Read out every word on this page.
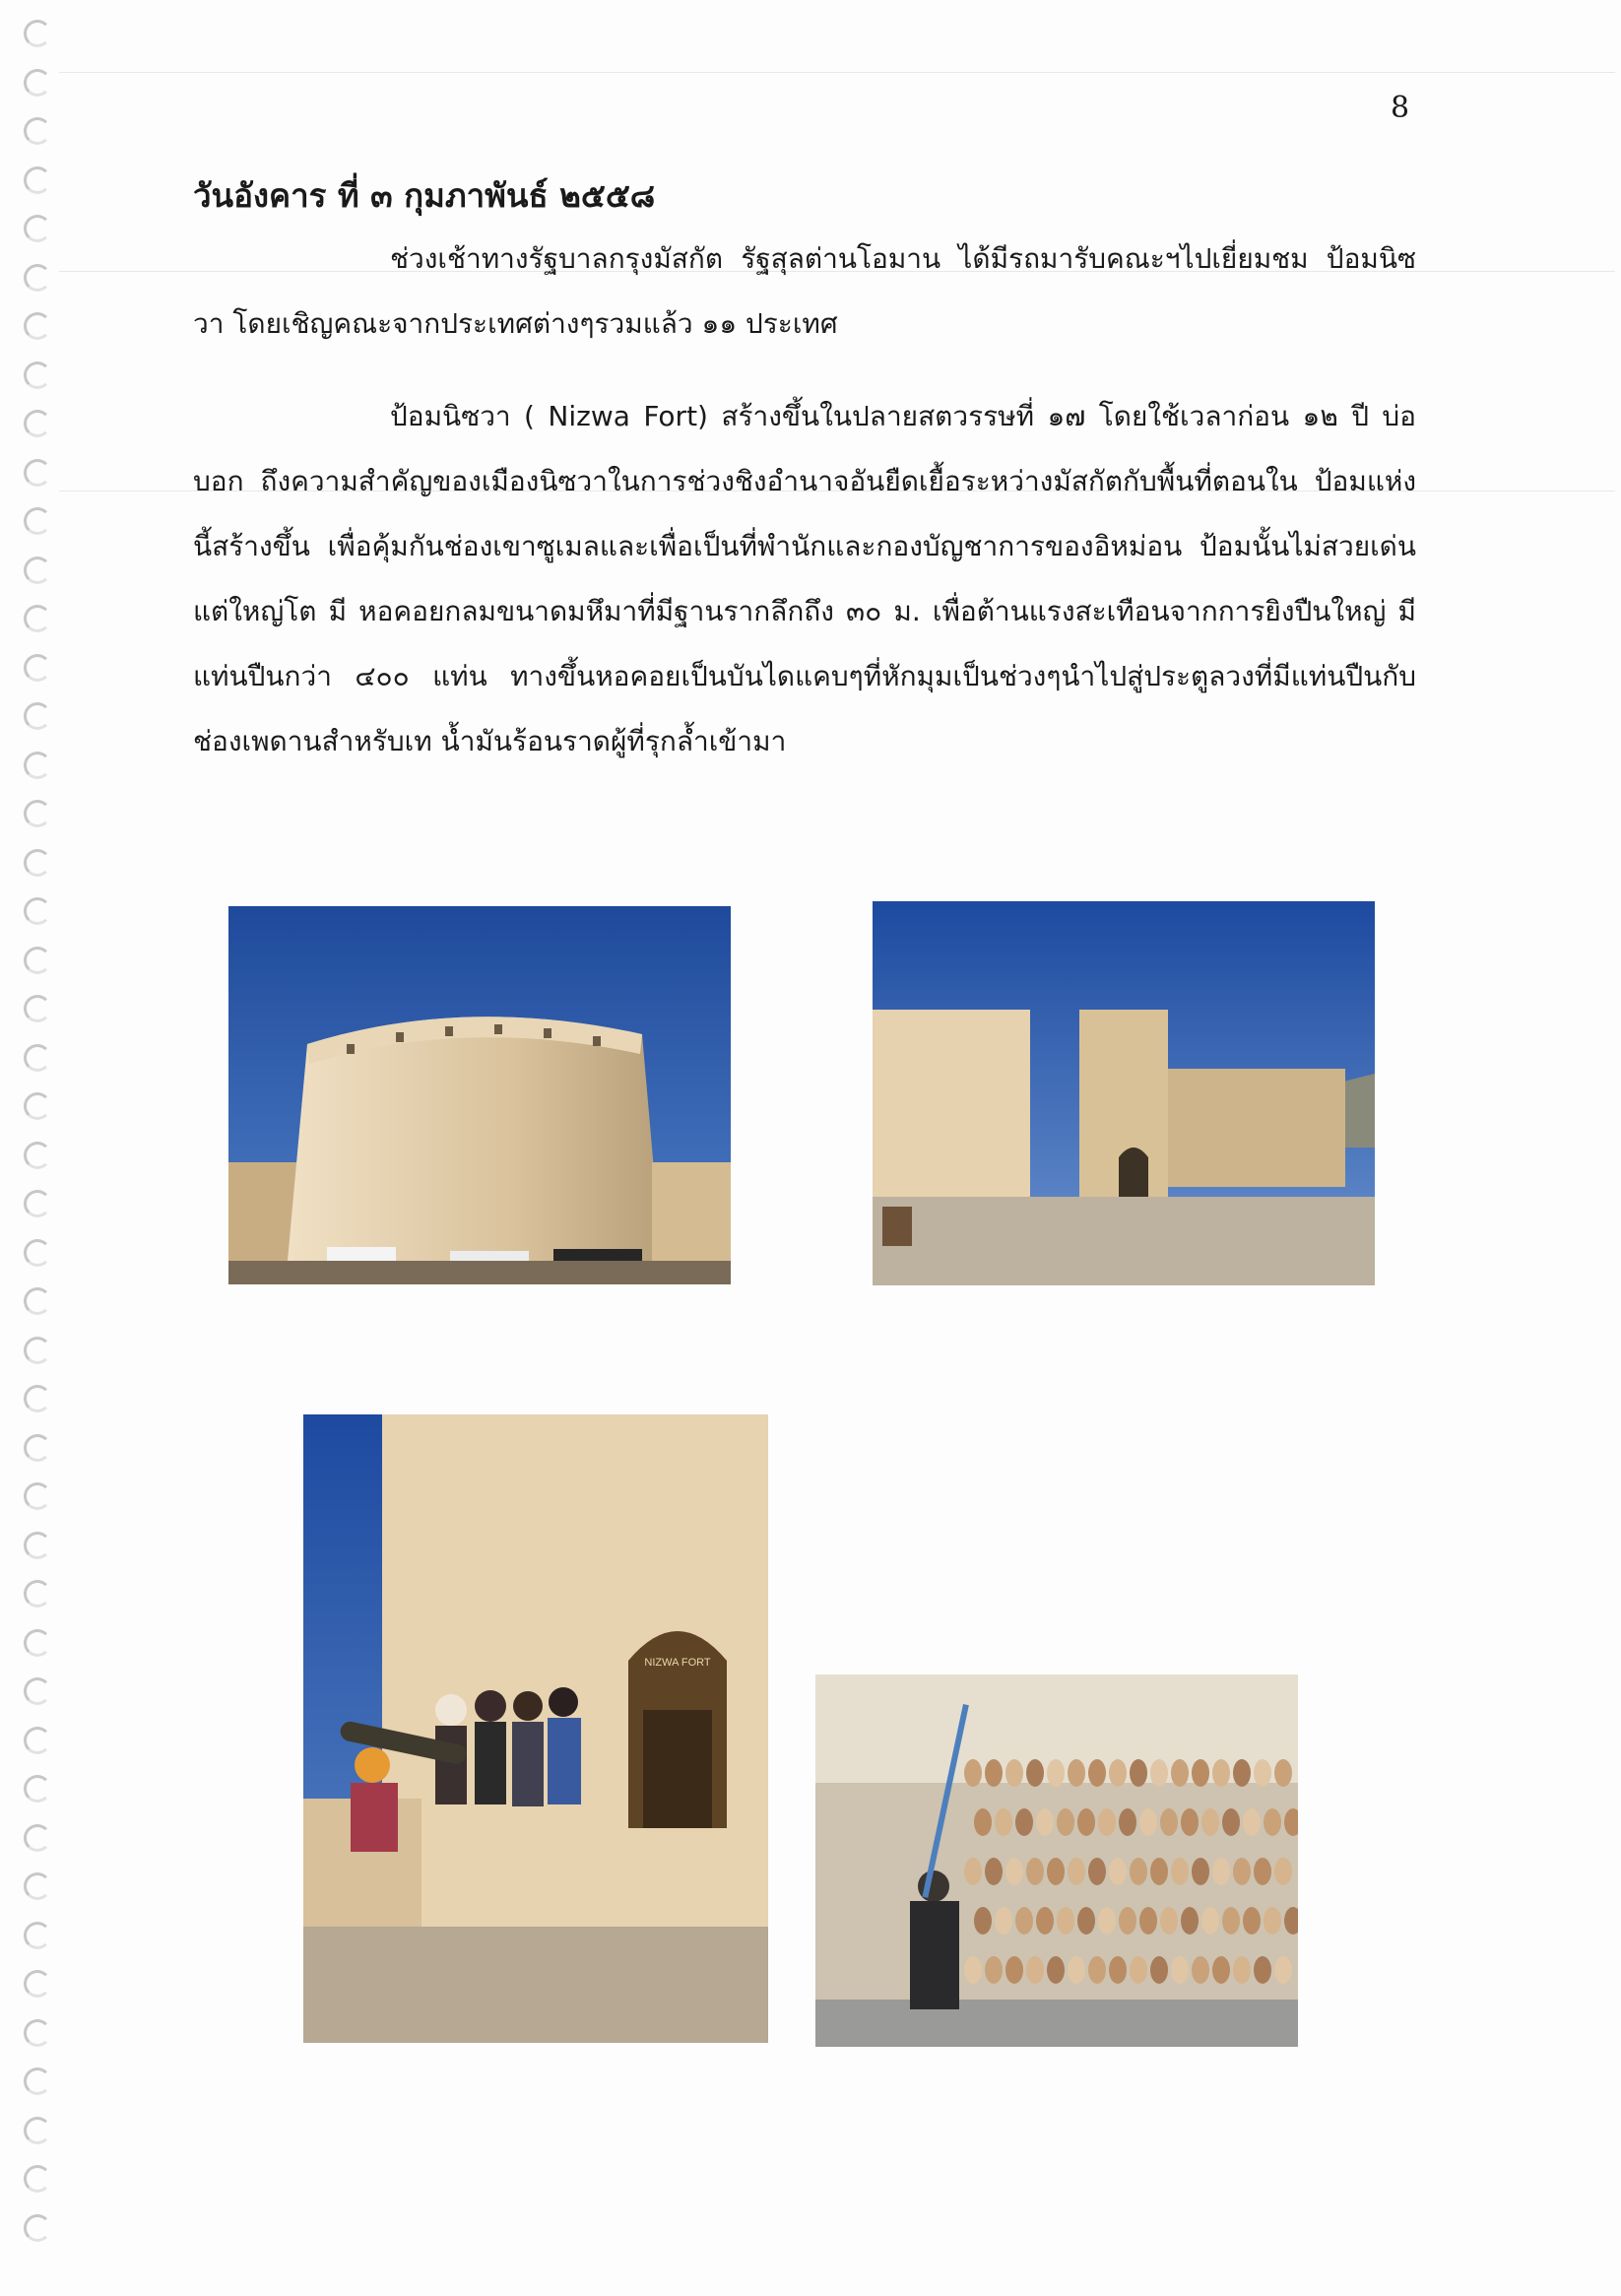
8
วันอังคาร ที่ ๓ กุมภาพันธ์ ๒๕๕๘
ช่วงเช้าทางรัฐบาลกรุงมัสกัต รัฐสุลต่านโอมาน ได้มีรถมารับคณะฯไปเยี่ยมชม ป้อมนิซวา โดยเชิญคณะจากประเทศต่างๆรวมแล้ว ๑๑ ประเทศ
ป้อมนิซวา ( Nizwa Fort) สร้างขึ้นในปลายสตวรรษที่ ๑๗ โดยใช้เวลาก่อน ๑๒ ปี บ่อบอก ถึงความสำคัญของเมืองนิซวาในการช่วงชิงอำนาจอันยืดเยื้อระหว่างมัสกัตกับพื้นที่ตอนใน ป้อมแห่งนี้สร้างขึ้น เพื่อคุ้มกันช่องเขาซูเมลและเพื่อเป็นที่พำนักและกองบัญชาการของอิหม่อน ป้อมนั้นไม่สวยเด่นแต่ใหญ่โต มี หอคอยกลมขนาดมหึมาที่มีฐานรากลึกถึง ๓๐ ม. เพื่อต้านแรงสะเทือนจากการยิงปืนใหญ่ มีแท่นปืนกว่า ๔๐๐ แท่น ทางขึ้นหอคอยเป็นบันไดแคบๆที่หักมุมเป็นช่วงๆนำไปสู่ประตูลวงที่มีแท่นปืนกับช่องเพดานสำหรับเท น้ำมันร้อนราดผู้ที่รุกล้ำเข้ามา
NIZWA FORT
